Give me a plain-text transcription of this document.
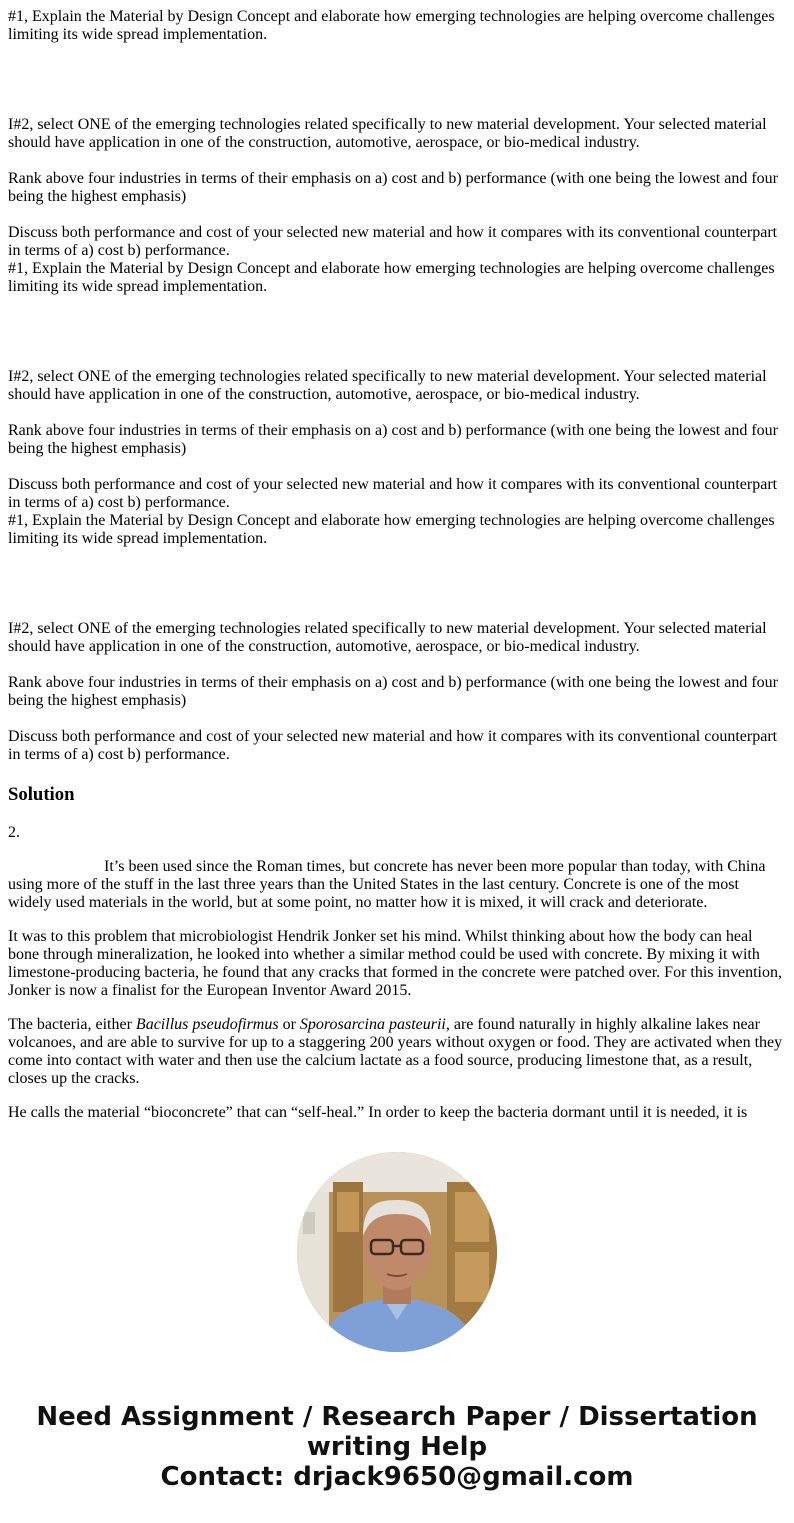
#1, Explain the Material by Design Concept and elaborate how emerging technologies are helping overcome challenges limiting its wide spread implementation.

I#2, select ONE of the emerging technologies related specifically to new material development. Your selected material should have application in one of the construction, automotive, aerospace, or bio-medical industry.

Rank above four industries in terms of their emphasis on a) cost and b) performance (with one being the lowest and four being the highest emphasis)

Discuss both performance and cost of your selected new material and how it compares with its conventional counterpart in terms of a) cost b) performance.

#1, Explain the Material by Design Concept and elaborate how emerging technologies are helping overcome challenges limiting its wide spread implementation.

I#2, select ONE of the emerging technologies related specifically to new material development. Your selected material should have application in one of the construction, automotive, aerospace, or bio-medical industry.

Rank above four industries in terms of their emphasis on a) cost and b) performance (with one being the lowest and four being the highest emphasis)

Discuss both performance and cost of your selected new material and how it compares with its conventional counterpart in terms of a) cost b) performance.

#1, Explain the Material by Design Concept and elaborate how emerging technologies are helping overcome challenges limiting its wide spread implementation.

I#2, select ONE of the emerging technologies related specifically to new material development. Your selected material should have application in one of the construction, automotive, aerospace, or bio-medical industry.

Rank above four industries in terms of their emphasis on a) cost and b) performance (with one being the lowest and four being the highest emphasis)

Discuss both performance and cost of your selected new material and how it compares with its conventional counterpart in terms of a) cost b) performance.

Solution

2.

It’s been used since the Roman times, but concrete has never been more popular than today, with China using more of the stuff in the last three years than the United States in the last century. Concrete is one of the most widely used materials in the world, but at some point, no matter how it is mixed, it will crack and deteriorate.

It was to this problem that microbiologist Hendrik Jonker set his mind. Whilst thinking about how the body can heal bone through mineralization, he looked into whether a similar method could be used with concrete. By mixing it with limestone-producing bacteria, he found that any cracks that formed in the concrete were patched over. For this invention, Jonker is now a finalist for the European Inventor Award 2015.

The bacteria, either Bacillus pseudofirmus or Sporosarcina pasteurii, are found naturally in highly alkaline lakes near volcanoes, and are able to survive for up to a staggering 200 years without oxygen or food. They are activated when they come into contact with water and then use the calcium lactate as a food source, producing limestone that, as a result, closes up the cracks.

He calls the material “bioconcrete” that can “self-heal.” In order to keep the bacteria dormant until it is needed, it is

Need Assignment / Research Paper / Dissertation
writing Help
Contact: drjack9650@gmail.com
